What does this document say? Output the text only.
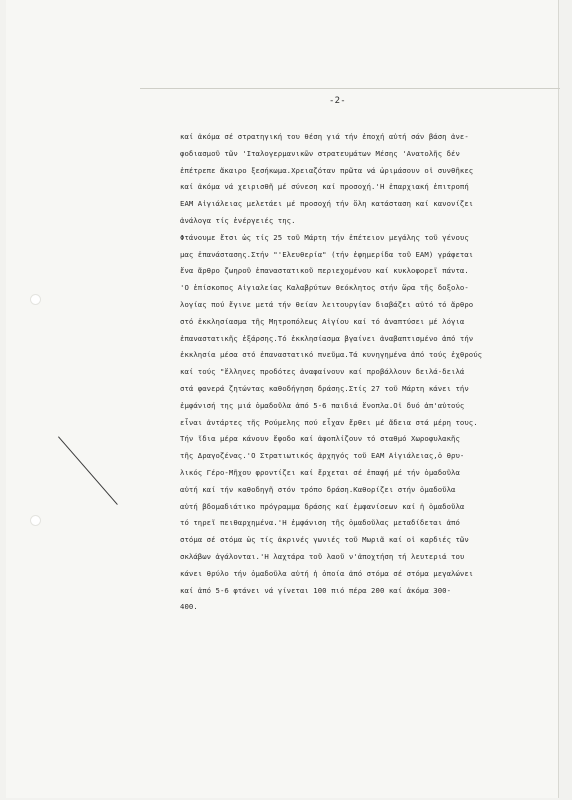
-2-
καί ἀκόμα σέ στρατηγική του θέση γιά τήν ἐποχή αὐτή σάν βάση ἀνε-
φοδιασμοῦ τῶν 'Ιταλογερμανικῶν στρατευμάτων Μέσης 'Ανατολῆς δέν
ἐπέτρεπε ἄκαιρο ξεσήκωμα.Χρειαζόταν πρῶτα νά ὡριμάσουν οἱ συνθῆκες
καί ἀκόμα νά χειρισθῆ μέ σύνεση καί προσοχή.'Η ἐπαρχιακή ἐπιτροπή
ΕΑΜ Αἰγιάλειας μελετάει μέ προσοχή τήν ὅλη κατάσταση καί κανονίζει
ἀνάλογα τίς ἐνέργειές της.
Φτάνουμε ἔτσι ὡς τίς 25 τοῦ Μάρτη τήν ἐπέτειον μεγάλης τοῦ γένους
μας ἐπανάστασης.Στήν "'Ελευθερία" (τήν ἐφημερίδα τοῦ ΕΑΜ) γράφεται
ἕνα ἄρθρο ζωηροῦ ἐπαναστατικοῦ περιεχομένου καί κυκλοφορεῖ πάντα.
'Ο ἐπίσκοπος Αἰγιαλείας Καλαβρύτων Θεόκλητος στήν ὥρα τῆς δοξολο-
λογίας πού ἔγινε μετά τήν θείαν λειτουργίαν διαβάζει αὐτό τό ἄρθρο
στό ἐκκλησίασμα τῆς Μητροπόλεως Αἰγίου καί τό ἀναπτύσει μέ λόγια
ἐπαναστατικῆς ἐξάρσης.Τό ἐκκλησίασμα βγαίνει ἀναβαπτισμένο ἀπό τήν
ἐκκλησία μέσα στό ἐπαναστατικό πνεῦμα.Τά κυνηγημένα ἀπό τούς ἐχθρούς
καί τούς "ἕλληνες προδότες ἀναφαίνουν καί προβάλλουν δειλά-δειλά
στά φανερά ζητώντας καθοδήγηση δράσης.Στίς 27 τοῦ Μάρτη κάνει τήν
ἐμφάνισή της μιά ὁμαδοῦλα ἀπό 5-6 παιδιά ἔνοπλα.Οἱ δυό ἀπ'αὐτούς
εἶναι ἀντάρτες τῆς Ρούμελης πού εἶχαν ἔρθει μέ ἄδεια στά μέρη τους.
Τήν ἴδια μέρα κάνουν ἔφοδο καί ἀφοπλίζουν τό σταθμό Χωροφυλακῆς
τῆς Δραγοζένας.'Ο Στρατιωτικός ἀρχηγός τοῦ ΕΑΜ Αἰγιάλειας,ὁ θρυ-
λικός Γέρο-Μῆχου φροντίζει καί ἔρχεται σέ ἐπαφή μέ τήν ὁμαδοῦλα
αὐτή καί τήν καθοδηγῆ στόν τρόπο δράση.Καθορίζει στήν ὁμαδοῦλα
αὐτή βδομαδιάτικο πρόγραμμα δράσης καί ἐμφανίσεων καί ἡ ὁμαδοῦλα
τό τηρεῖ πειθαρχημένα.'Η ἐμφάνιση τῆς ὁμαδοῦλας μεταδίδεται ἀπό
στόμα σέ στόμα ὡς τίς ἀκρινές γωνιές τοῦ Μωριᾶ καί οἱ καρδιές τῶν
σκλάβων ἀγάλονται.'Η λαχτάρα τοῦ λαοῦ ν'ἀποχτήση τή λευτεριά του
κάνει θρύλο τήν ὁμαδοῦλα αὐτή ἡ ὁποία ἀπό στόμα σέ στόμα μεγαλώνει
καί ἀπό 5-6 φτάνει νά γίνεται 100 πιό πέρα 200 καί ἀκόμα 300-
400.
